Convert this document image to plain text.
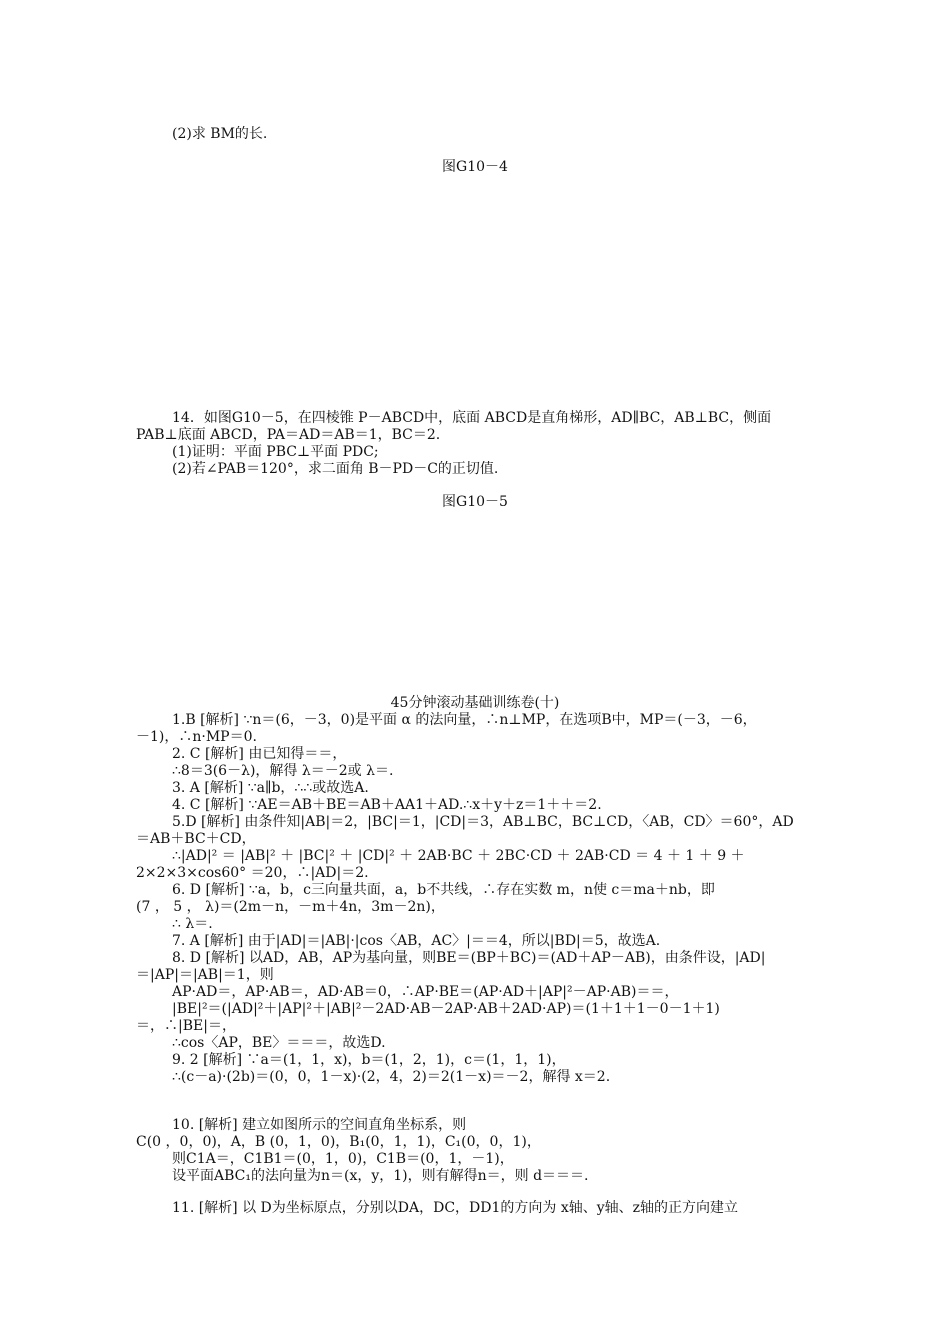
(2)求 BM的长.
图G10－4
14．如图G10－5，在四棱锥 P－ABCD中，底面 ABCD是直角梯形，AD∥BC，AB⊥BC，侧面
PAB⊥底面 ABCD，PA＝AD＝AB＝1，BC＝2.
(1)证明：平面 PBC⊥平面 PDC;
(2)若∠PAB＝120°，求二面角 B－PD－C的正切值.
图G10－5
45分钟滚动基础训练卷(十)
1.B [解析] ∵n＝(6，－3，0)是平面 α 的法向量，∴n⊥MP，在选项B中，MP＝(－3，－6，
－1)，∴n·MP＝0.
2. C [解析] 由已知得＝＝，
∴8＝3(6－λ)，解得 λ＝－2或 λ＝.
3. A [解析] ∵a∥b，∴∴或故选A.
4. C [解析] ∵AE＝AB＋BE＝AB＋AA1＋AD.∴x＋y＋z＝1＋＋＝2.
5.D [解析] 由条件知|AB|＝2，|BC|＝1，|CD|＝3，AB⊥BC，BC⊥CD，〈AB，CD〉＝60°，AD
＝AB＋BC＋CD，
∴|AD|² ＝ |AB|² ＋ |BC|² ＋ |CD|² ＋ 2AB·BC ＋ 2BC·CD ＋ 2AB·CD ＝ 4 ＋ 1 ＋ 9 ＋
2×2×3×cos60° ＝20，∴|AD|＝2.
6. D [解析] ∵a，b，c三向量共面，a，b不共线，∴存在实数 m，n使 c＝ma＋nb，即
(7 ， 5 ， λ)＝(2m－n，－m＋4n，3m－2n)，
∴ λ＝.
7. A [解析] 由于|AD|＝|AB|·|cos〈AB，AC〉|＝＝4，所以|BD|＝5，故选A.
8. D [解析] 以AD，AB，AP为基向量，则BE＝(BP＋BC)＝(AD＋AP－AB)，由条件设，|AD|
＝|AP|＝|AB|＝1，则
AP·AD＝，AP·AB＝，AD·AB＝0，∴AP·BE＝(AP·AD＋|AP|²－AP·AB)＝＝，
|BE|²＝(|AD|²＋|AP|²＋|AB|²－2AD·AB－2AP·AB＋2AD·AP)＝(1＋1＋1－0－1＋1)
＝，∴|BE|＝，
∴cos〈AP，BE〉＝＝＝，故选D.
9. 2 [解析] ∵a＝(1，1，x)，b＝(1，2，1)，c＝(1，1，1)，
∴(c－a)·(2b)＝(0，0，1－x)·(2，4，2)＝2(1－x)＝－2，解得 x＝2.
10. [解析] 建立如图所示的空间直角坐标系，则
C(0 ，0，0)，A，B (0，1，0)，B₁(0，1，1)，C₁(0，0，1)，
则C1A＝，C1B1＝(0，1，0)，C1B＝(0，1，－1)，
设平面ABC₁的法向量为n＝(x，y，1)，则有解得n＝，则 d＝＝＝.
11. [解析] 以 D为坐标原点，分别以DA，DC，DD1的方向为 x轴、y轴、z轴的正方向建立
